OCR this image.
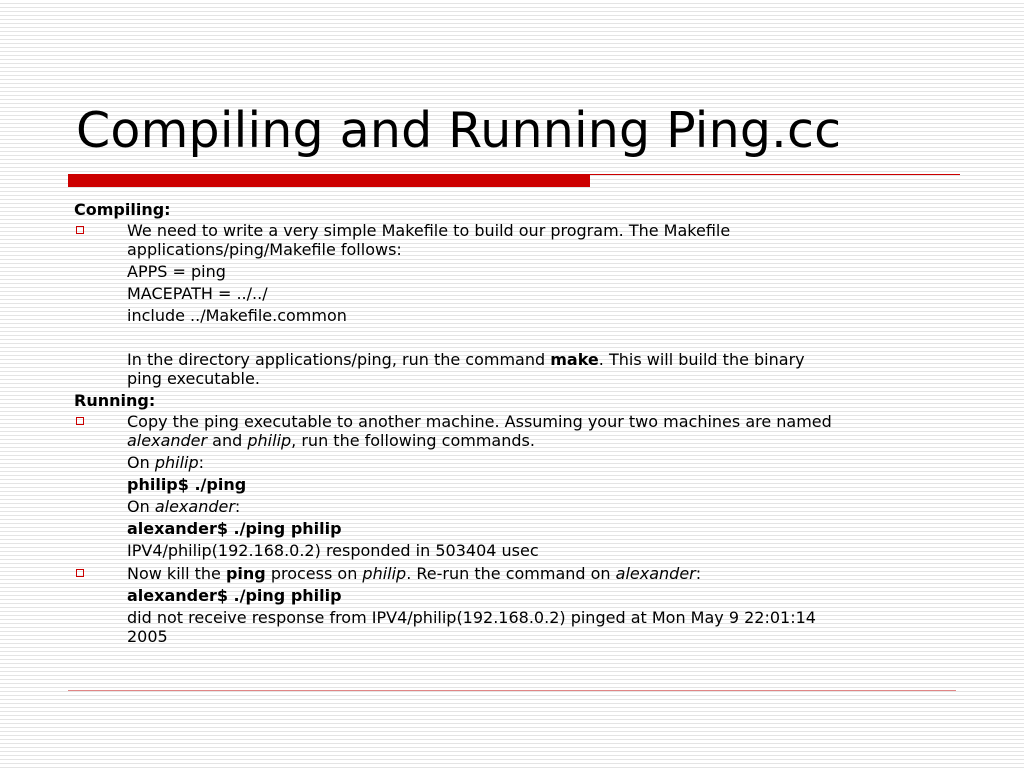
Compiling and Running Ping.cc
Compiling:
We need to write a very simple Makefile to build our program. The Makefile
applications/ping/Makefile follows:
APPS = ping
MACEPATH = ../../
include ../Makefile.common
In the directory applications/ping, run the command make. This will build the binary
ping executable.
Running:
Copy the ping executable to another machine. Assuming your two machines are named
alexander and philip, run the following commands.
On philip:
philip$ ./ping
On alexander:
alexander$ ./ping philip
IPV4/philip(192.168.0.2) responded in 503404 usec
Now kill the ping process on philip. Re-run the command on alexander:
alexander$ ./ping philip
did not receive response from IPV4/philip(192.168.0.2) pinged at Mon May 9 22:01:14
2005
